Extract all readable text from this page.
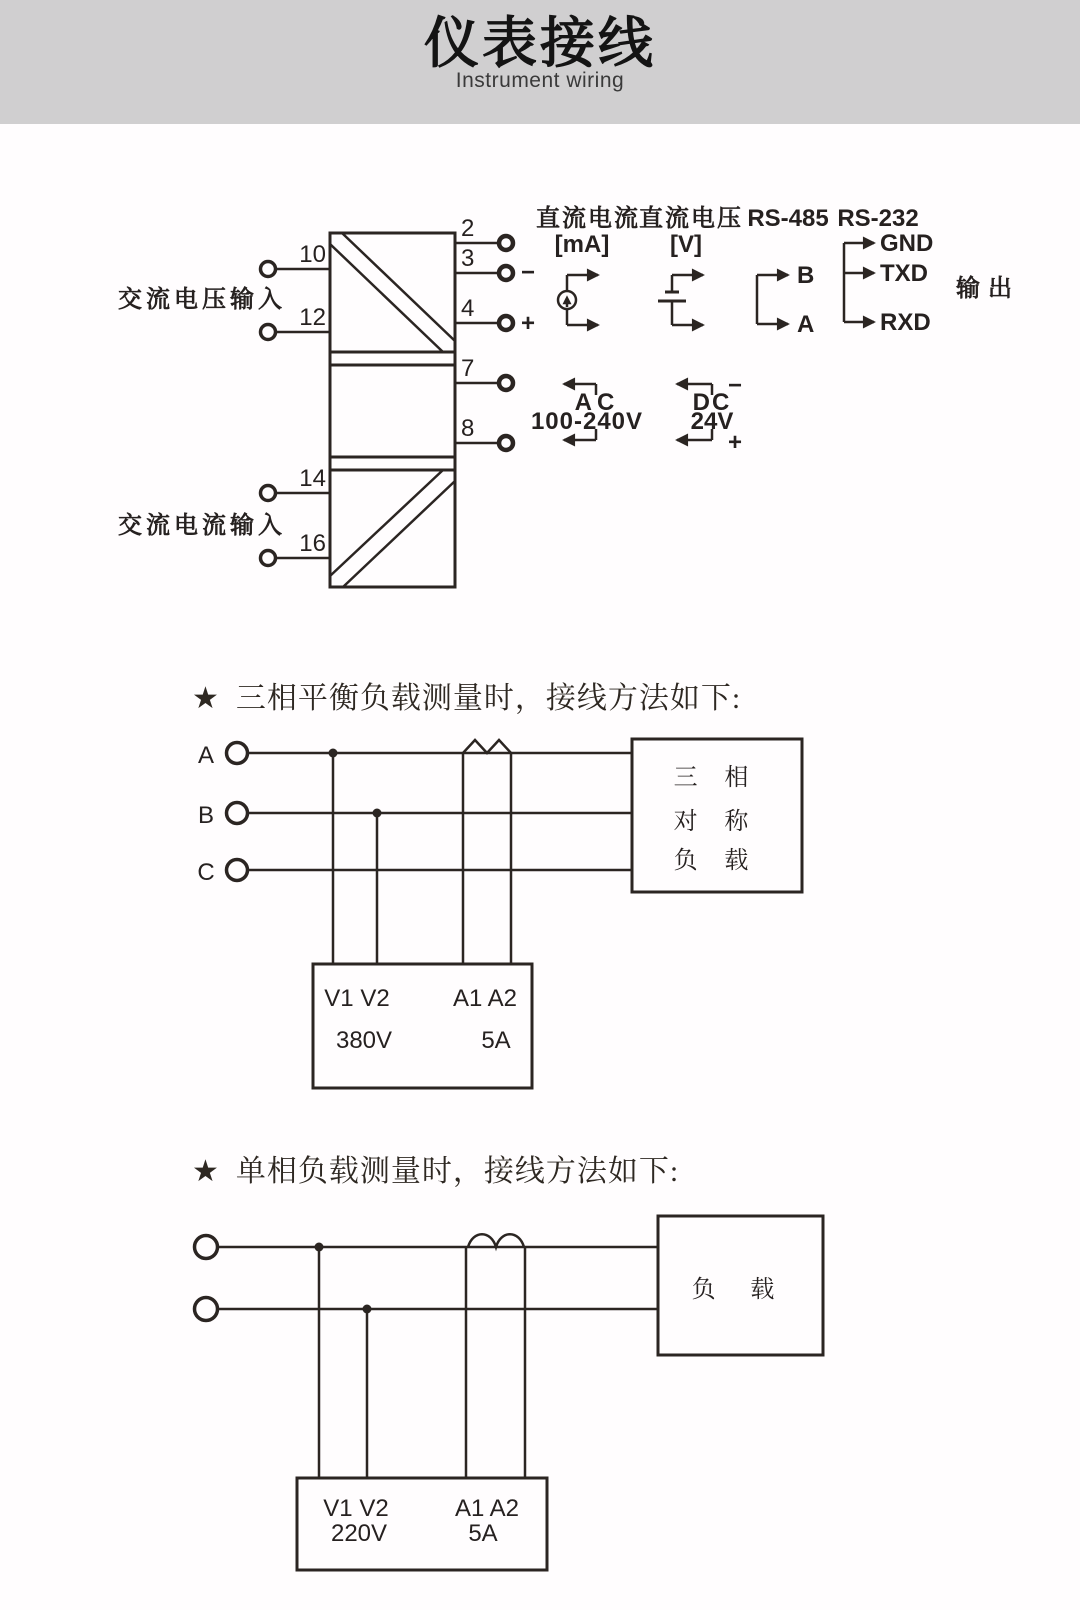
仪表接线
Instrument wiring
★ 三相平衡负载测量时，接线方法如下:
★ 单相负载测量时，接线方法如下:
交流电压输入
10
12
交流电流输入
14
16
2
3
−
4
+
7
8
直流电流
[mA]
直流电压
[V]
RS-485
B
A
RS-232
GND
TXD
RXD
输出
AC
100-240V
−
DC
24V
+
A
B
C
三 相
对 称
负 载
V1 V2
380V
A1 A2
5A
负 载
V1 V2
220V
A1 A2
5A
